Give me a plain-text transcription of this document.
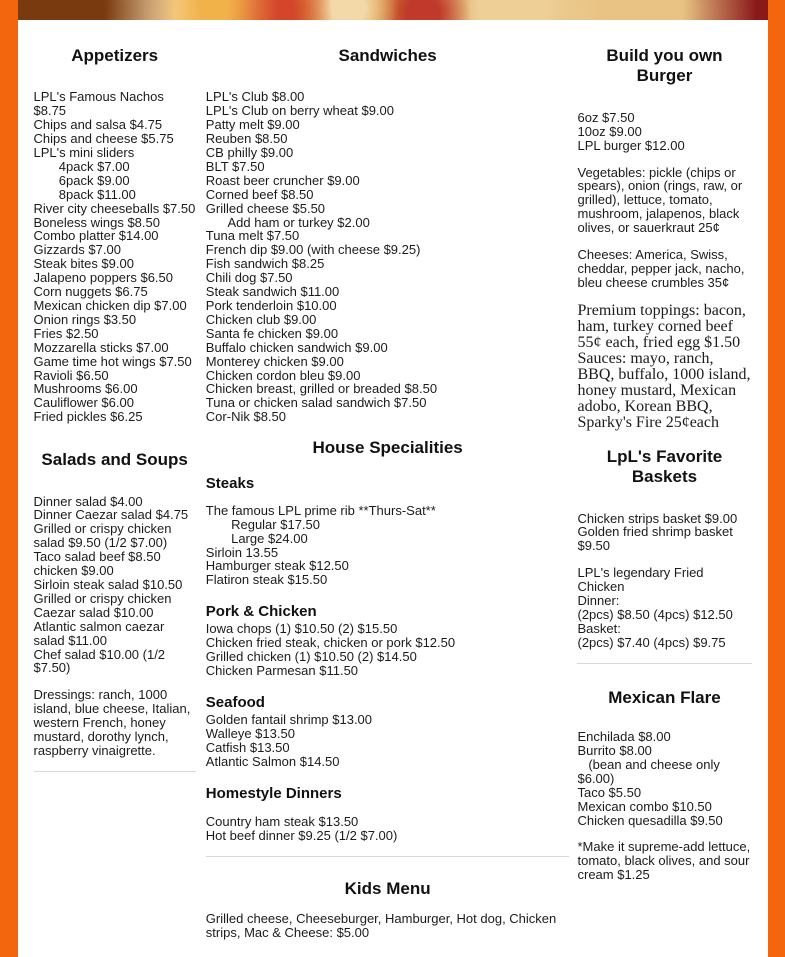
Appetizers
LPL's Famous Nachos $8.75
Chips and salsa $4.75
Chips and cheese $5.75
LPL's mini sliders
4pack $7.00
6pack $9.00
8pack $11.00
River city cheeseballs $7.50
Boneless wings $8.50
Combo platter $14.00
Gizzards $7.00
Steak bites $9.00
Jalapeno poppers $6.50
Corn nuggets $6.75
Mexican chicken dip $7.00
Onion rings $3.50
Fries $2.50
Mozzarella sticks $7.00
Game time hot wings $7.50
Ravioli $6.50
Mushrooms $6.00
Cauliflower $6.00
Fried pickles $6.25
Salads and Soups
Dinner salad $4.00
Dinner Caezar salad $4.75
Grilled or crispy chicken salad $9.50 (1/2 $7.00)
Taco salad beef $8.50 chicken $9.00
Sirloin steak salad $10.50
Grilled or crispy chicken Caezar salad $10.00
Atlantic salmon caezar salad $11.00
Chef salad $10.00 (1/2 $7.50)
Dressings: ranch, 1000 island, blue cheese, Italian, western French, honey mustard, dorothy lynch, raspberry vinaigrette.
Sandwiches
LPL's Club $8.00
LPL's Club on berry wheat $9.00
Patty melt $9.00
Reuben $8.50
CB philly $9.00
BLT $7.50
Roast beer cruncher $9.00
Corned beef $8.50
Grilled cheese $5.50
Add ham or turkey $2.00
Tuna melt $7.50
French dip $9.00 (with cheese $9.25)
Fish sandwich $8.25
Chili dog $7.50
Steak sandwich $11.00
Pork tenderloin $10.00
Chicken club $9.00
Santa fe chicken $9.00
Buffalo chicken sandwich $9.00
Monterey chicken $9.00
Chicken cordon bleu $9.00
Chicken breast, grilled or breaded $8.50
Tuna or chicken salad sandwich $7.50
Cor-Nik $8.50
House Specialities
Steaks
The famous LPL prime rib **Thurs-Sat**
Regular $17.50
Large $24.00
Sirloin 13.55
Hamburger steak $12.50
Flatiron steak $15.50
Pork & Chicken
Iowa chops (1) $10.50 (2) $15.50
Chicken fried steak, chicken or pork $12.50
Grilled chicken (1) $10.50 (2) $14.50
Chicken Parmesan $11.50
Seafood
Golden fantail shrimp $13.00
Walleye $13.50
Catfish $13.50
Atlantic Salmon $14.50
Homestyle Dinners
Country ham steak $13.50
Hot beef dinner $9.25 (1/2 $7.00)
Kids Menu
Grilled cheese, Cheeseburger, Hamburger, Hot dog, Chicken strips, Mac & Cheese: $5.00
Build you own Burger
6oz $7.50
10oz $9.00
LPL burger $12.00
Vegetables: pickle (chips or spears), onion (rings, raw, or grilled), lettuce, tomato, mushroom, jalapenos, black olives, or sauerkraut 25¢
Cheeses: America, Swiss, cheddar, pepper jack, nacho, bleu cheese crumbles 35¢
Premium toppings: bacon, ham, turkey corned beef 55¢ each, fried egg $1.50
Sauces: mayo, ranch, BBQ, buffalo, 1000 island, honey mustard, Mexican adobo, Korean BBQ, Sparky's Fire 25¢each
LpL's Favorite Baskets
Chicken strips basket $9.00
Golden fried shrimp basket $9.50
LPL's legendary Fried Chicken
Dinner:
(2pcs) $8.50 (4pcs) $12.50
Basket:
(2pcs) $7.40 (4pcs) $9.75
Mexican Flare
Enchilada $8.00
Burrito $8.00
(bean and cheese only $6.00)
Taco $5.50
Mexican combo $10.50
Chicken quesadilla $9.50
*Make it supreme-add lettuce, tomato, black olives, and sour cream $1.25
